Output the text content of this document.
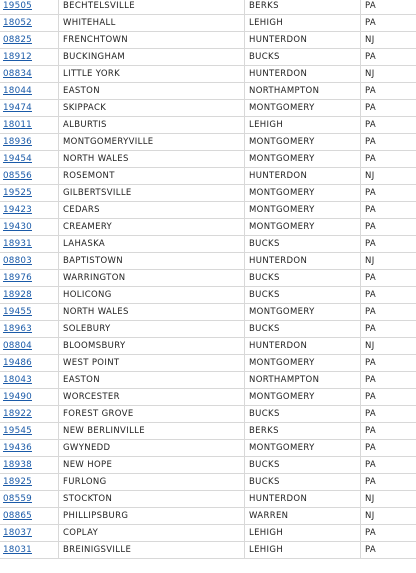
19505	BECHTELSVILLE	BERKS	PA
18052	WHITEHALL	LEHIGH	PA
08825	FRENCHTOWN	HUNTERDON	NJ
18912	BUCKINGHAM	BUCKS	PA
08834	LITTLE YORK	HUNTERDON	NJ
18044	EASTON	NORTHAMPTON	PA
19474	SKIPPACK	MONTGOMERY	PA
18011	ALBURTIS	LEHIGH	PA
18936	MONTGOMERYVILLE	MONTGOMERY	PA
19454	NORTH WALES	MONTGOMERY	PA
08556	ROSEMONT	HUNTERDON	NJ
19525	GILBERTSVILLE	MONTGOMERY	PA
19423	CEDARS	MONTGOMERY	PA
19430	CREAMERY	MONTGOMERY	PA
18931	LAHASKA	BUCKS	PA
08803	BAPTISTOWN	HUNTERDON	NJ
18976	WARRINGTON	BUCKS	PA
18928	HOLICONG	BUCKS	PA
19455	NORTH WALES	MONTGOMERY	PA
18963	SOLEBURY	BUCKS	PA
08804	BLOOMSBURY	HUNTERDON	NJ
19486	WEST POINT	MONTGOMERY	PA
18043	EASTON	NORTHAMPTON	PA
19490	WORCESTER	MONTGOMERY	PA
18922	FOREST GROVE	BUCKS	PA
19545	NEW BERLINVILLE	BERKS	PA
19436	GWYNEDD	MONTGOMERY	PA
18938	NEW HOPE	BUCKS	PA
18925	FURLONG	BUCKS	PA
08559	STOCKTON	HUNTERDON	NJ
08865	PHILLIPSBURG	WARREN	NJ
18037	COPLAY	LEHIGH	PA
18031	BREINIGSVILLE	LEHIGH	PA
